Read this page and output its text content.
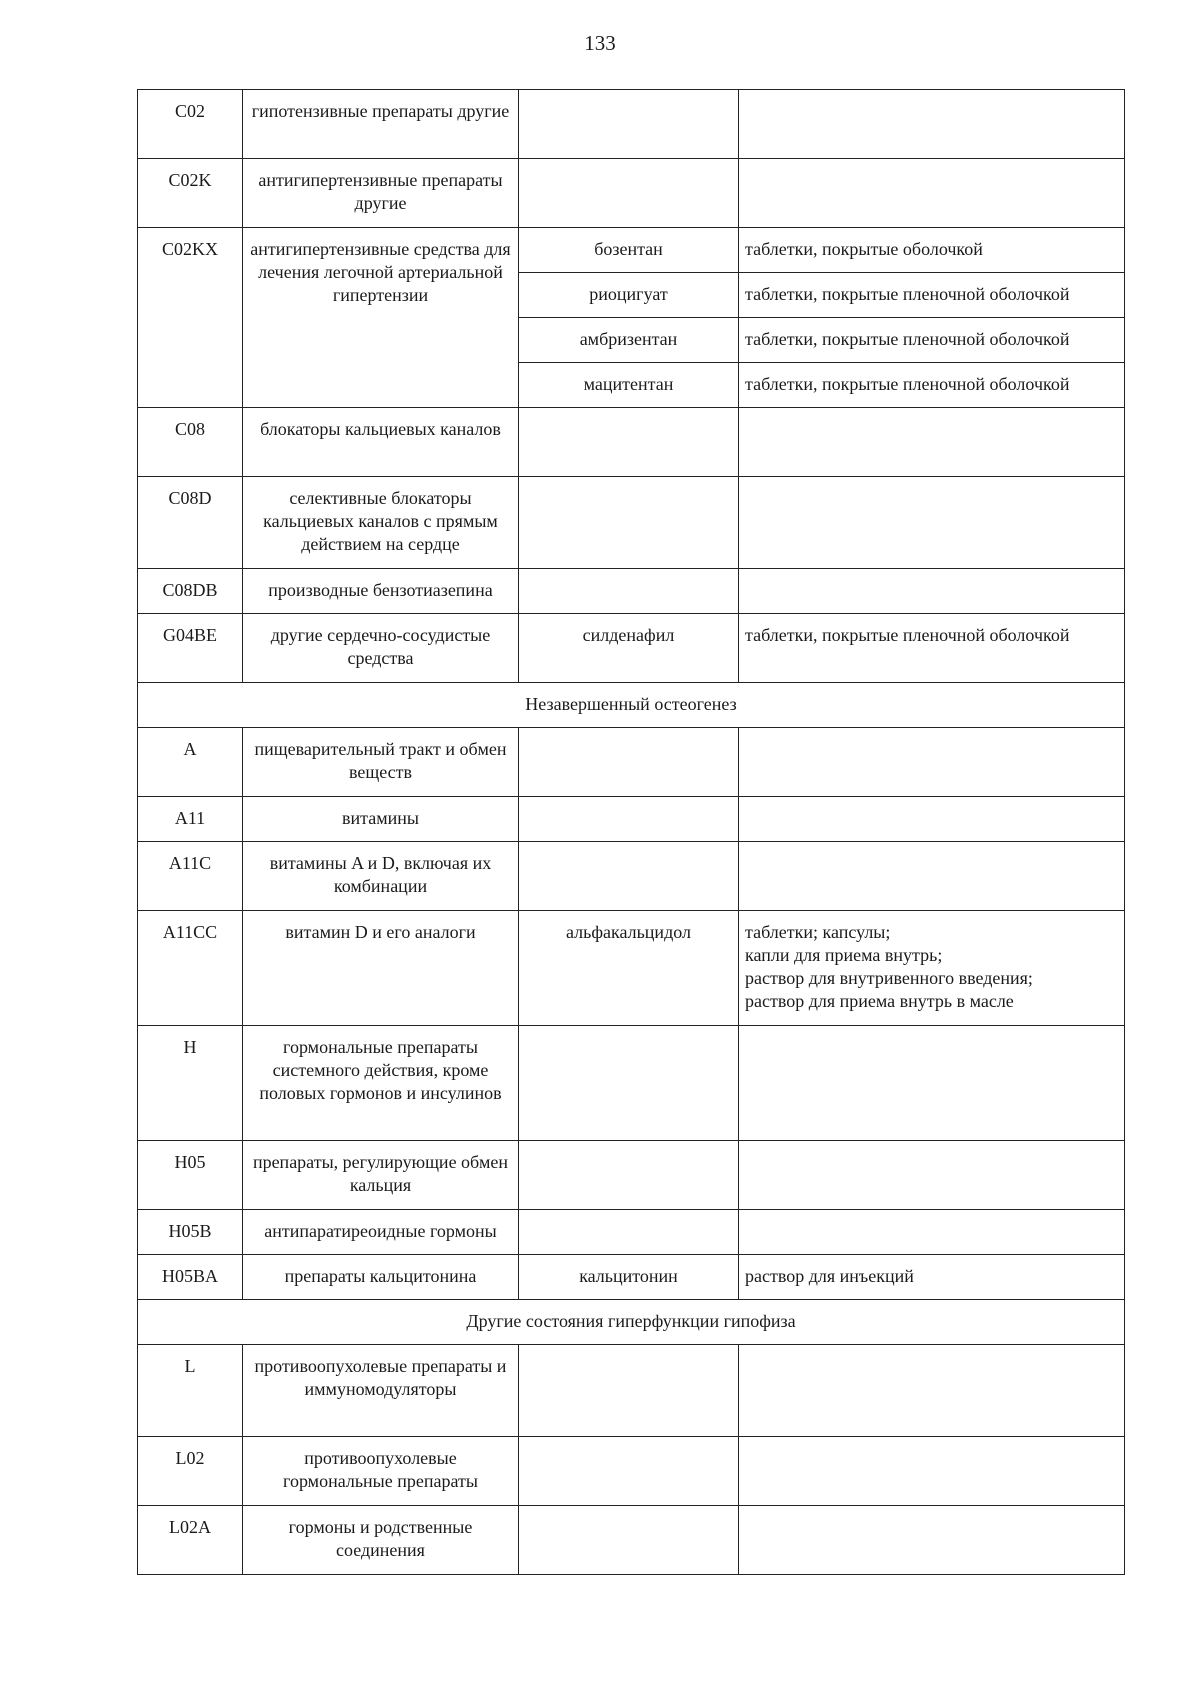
133
C02	гипотензивные препараты другие		
C02K	антигипертензивные препараты другие		
C02KX	антигипертензивные средства для лечения легочной артериальной гипертензии	бозентан	таблетки, покрытые оболочкой
		риоцигуат	таблетки, покрытые пленочной оболочкой
		амбризентан	таблетки, покрытые пленочной оболочкой
		мацитентан	таблетки, покрытые пленочной оболочкой
C08	блокаторы кальциевых каналов		
C08D	селективные блокаторы кальциевых каналов с прямым действием на сердце		
C08DB	производные бензотиазепина		
G04BE	другие сердечно-сосудистые средства	силденафил	таблетки, покрытые пленочной оболочкой
Незавершенный остеогенез			
A	пищеварительный тракт и обмен веществ		
A11	витамины		
A11C	витамины A и D, включая их комбинации		
A11CC	витамин D и его аналоги	альфакальцидол	таблетки; капсулы;
капли для приема внутрь;
раствор для внутривенного введения;
раствор для приема внутрь в масле

H	гормональные препараты системного действия, кроме половых гормонов и инсулинов		
H05	препараты, регулирующие обмен кальция		
H05B	антипаратиреоидные гормоны		
H05BA	препараты кальцитонина	кальцитонин	раствор для инъекций
Другие состояния гиперфункции гипофиза			
L	противоопухолевые препараты и иммуномодуляторы		
L02	противоопухолевые гормональные препараты		
L02A	гормоны и родственные соединения		
